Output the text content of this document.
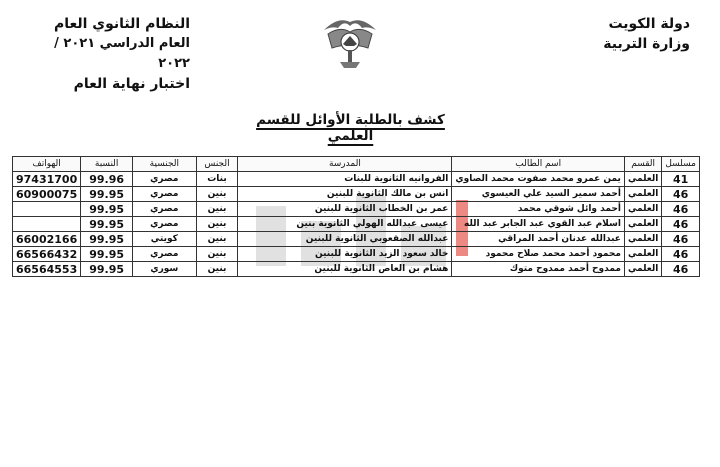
دولة الكويت
وزارة التربية
النظام الثانوي العام
العام الدراسي ٢٠٢١ / ٢٠٢٢
اختبار نهاية العام
كشف بالطلبة الأوائل للقسم العلمي
مسلسل	القسم	اسم الطالب	المدرسة	الجنس	الجنسية	النسبة	الهواتف
41	العلمي	يمن عمرو محمد صفوت محمد الصاوي	الفروانيه الثانوية للبنات	بنات	مصري	99.96	97431700
46	العلمي	أحمد سمير السيد علي العيسوي	انس بن مالك الثانوية للبنين	بنين	مصري	99.95	60900075
46	العلمي	أحمد وائل شوقي محمد	عمر بن الخطاب الثانوية للبنين	بنين	مصري	99.95	
46	العلمي	اسلام عبد القوي عبد الجابر عبد الله	عيسى عبدالله الهولي الثانوية بنين	بنين	مصري	99.95	
46	العلمي	عبدالله عدنان أحمد المراقي	عبدالله الصقعوبي الثانوية للبنين	بنين	كويتي	99.95	66002166
46	العلمي	محمود أحمد محمد صلاح محمود	خالد سعود الزيد الثانوية للبنين	بنين	مصري	99.95	66566432
46	العلمي	ممدوح أحمد ممدوح متوك	هشام بن العاص الثانوية للبنين	بنين	سوري	99.95	66564553
